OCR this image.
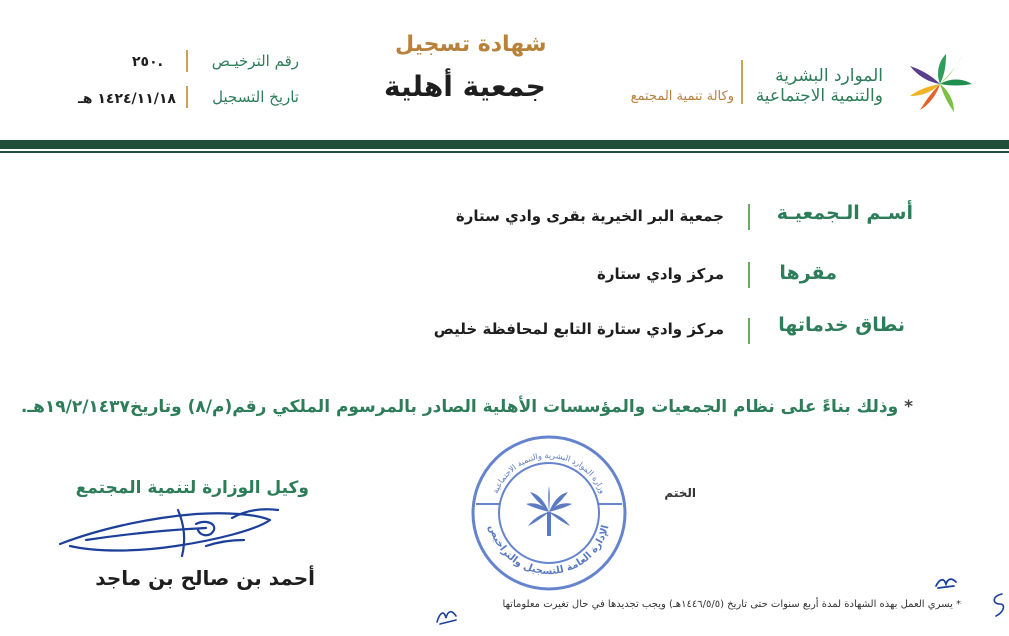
الموارد البشرية
والتنمية الاجتماعية
وكالة تنمية المجتمع
شهادة تسجيل
جمعية أهلية
رقم الترخيـص
٢٥٠.
تاريخ التسجيل
١٤٢٤/١١/١٨ هـ
أسـم الـجمعيـة
جمعية البر الخيرية بقرى وادي ستارة
مقرها
مركز وادي ستارة
نطاق خدماتها
مركز وادي ستارة التابع لمحافظة خليص
* وذلك بناءً على نظام الجمعيات والمؤسسات الأهلية الصادر بالمرسوم الملكي رقم(م/٨) وتاريخ١٩/٢/١٤٣٧هـ.
وزارة الموارد البشرية والتنمية الاجتماعية
الإدارة العامة للتسجيل والتراخيص
الختم
وكيل الوزارة لتنمية المجتمع
أحمد بن صالح بن ماجد
* يسري العمل بهذه الشهادة لمدة أربع سنوات حتى تاريخ (١٤٤٦/٥/٥هـ) ويجب تجديدها في حال تغيرت معلوماتها
